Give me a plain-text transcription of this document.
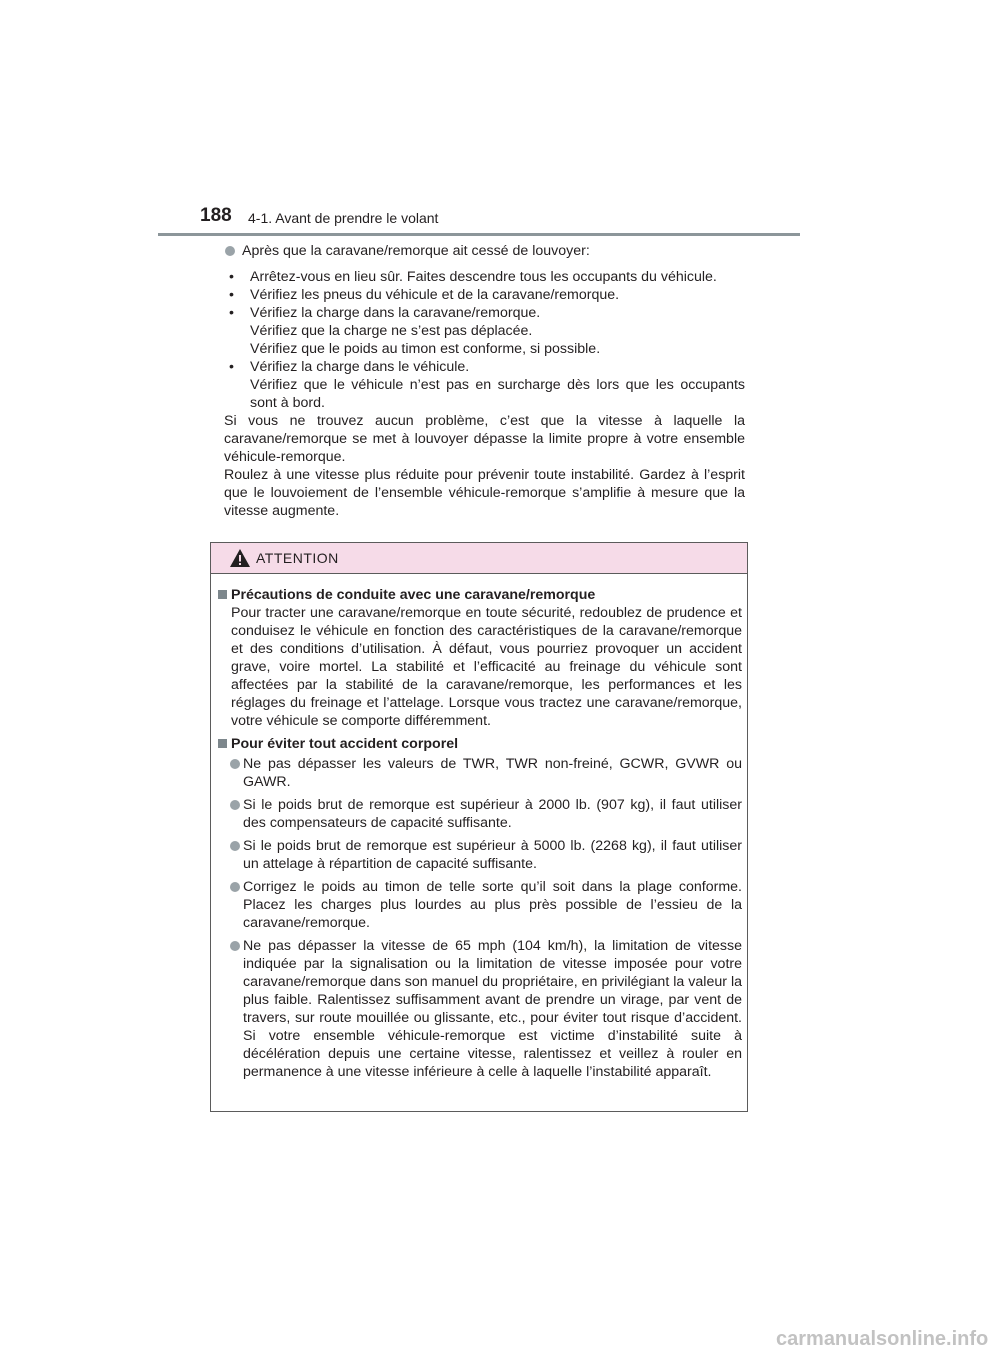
188 4-1. Avant de prendre le volant
Après que la caravane/remorque ait cessé de louvoyer:
•	Arrêtez-vous en lieu sûr. Faites descendre tous les occupants du véhicule.
•	Vérifiez les pneus du véhicule et de la caravane/remorque.
•	Vérifiez la charge dans la caravane/remorque.
Vérifiez que la charge ne s’est pas déplacée.
Vérifiez que le poids au timon est conforme, si possible.
•	Vérifiez la charge dans le véhicule.
Vérifiez que le véhicule n’est pas en surcharge dès lors que les occupants sont à bord.
Si vous ne trouvez aucun problème, c’est que la vitesse à laquelle la caravane/remorque se met à louvoyer dépasse la limite propre à votre ensemble véhicule-remorque.
Roulez à une vitesse plus réduite pour prévenir toute instabilité. Gardez à l’esprit que le louvoiement de l’ensemble véhicule-remorque s’amplifie à mesure que la vitesse augmente.
ATTENTION
Précautions de conduite avec une caravane/remorque
Pour tracter une caravane/remorque en toute sécurité, redoublez de prudence et conduisez le véhicule en fonction des caractéristiques de la caravane/remorque et des conditions d’utilisation. À défaut, vous pourriez provoquer un accident grave, voire mortel. La stabilité et l’efficacité au freinage du véhicule sont affectées par la stabilité de la caravane/remorque, les performances et les réglages du freinage et l’attelage. Lorsque vous tractez une caravane/remorque, votre véhicule se comporte différemment.
Pour éviter tout accident corporel
Ne pas dépasser les valeurs de TWR, TWR non-freiné, GCWR, GVWR ou GAWR.
Si le poids brut de remorque est supérieur à 2000 lb. (907 kg), il faut utiliser des compensateurs de capacité suffisante.
Si le poids brut de remorque est supérieur à 5000 lb. (2268 kg), il faut utiliser un attelage à répartition de capacité suffisante.
Corrigez le poids au timon de telle sorte qu’il soit dans la plage conforme. Placez les charges plus lourdes au plus près possible de l’essieu de la caravane/remorque.
Ne pas dépasser la vitesse de 65 mph (104 km/h), la limitation de vitesse indiquée par la signalisation ou la limitation de vitesse imposée pour votre caravane/remorque dans son manuel du propriétaire, en privilégiant la valeur la plus faible. Ralentissez suffisamment avant de prendre un virage, par vent de travers, sur route mouillée ou glissante, etc., pour éviter tout risque d’accident. Si votre ensemble véhicule-remorque est victime d’instabilité suite à décélération depuis une certaine vitesse, ralentissez et veillez à rouler en permanence à une vitesse inférieure à celle à laquelle l’instabilité apparaît.
carmanualsonline.info
